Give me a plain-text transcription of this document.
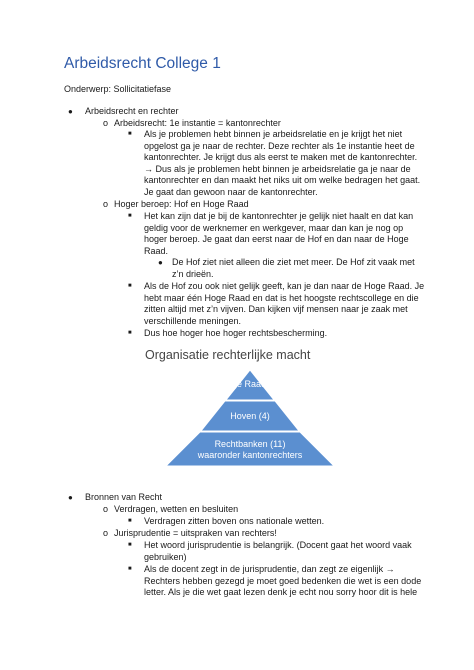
Arbeidsrecht College 1
Onderwerp: Sollicitatiefase
● Arbeidsrecht en rechter
o Arbeidsrecht: 1e instantie = kantonrechter
■ Als je problemen hebt binnen je arbeidsrelatie en je krijgt het niet
opgelost ga je naar de rechter. Deze rechter als 1e instantie heet de
kantonrechter. Je krijgt dus als eerst te maken met de kantonrechter.
→ Dus als je problemen hebt binnen je arbeidsrelatie ga je naar de
kantonrechter en dan maakt het niks uit om welke bedragen het gaat.
Je gaat dan gewoon naar de kantonrechter.
o Hoger beroep: Hof en Hoge Raad
■ Het kan zijn dat je bij de kantonrechter je gelijk niet haalt en dat kan
geldig voor de werknemer en werkgever, maar dan kan je nog op
hoger beroep. Je gaat dan eerst naar de Hof en dan naar de Hoge
Raad.
● De Hof ziet niet alleen die ziet met meer. De Hof zit vaak met
z’n drieën.
■ Als de Hof zou ook niet gelijk geeft, kan je dan naar de Hoge Raad. Je
hebt maar één Hoge Raad en dat is het hoogste rechtscollege en die
zitten altijd met z’n vijven. Dan kijken vijf mensen naar je zaak met
verschillende meningen.
■ Dus hoe hoger hoe hoger rechtsbescherming.
Organisatie rechterlijke macht
Hoge Raad (1)
Hoven (4)
Rechtbanken (11)
waaronder kantonrechters
● Bronnen van Recht
o Verdragen, wetten en besluiten
■ Verdragen zitten boven ons nationale wetten.
o Jurisprudentie = uitspraken van rechters!
■ Het woord jurisprudentie is belangrijk. (Docent gaat het woord vaak
gebruiken)
■ Als de docent zegt in de jurisprudentie, dan zegt ze eigenlijk →
Rechters hebben gezegd je moet goed bedenken die wet is een dode
letter. Als je die wet gaat lezen denk je echt nou sorry hoor dit is hele
